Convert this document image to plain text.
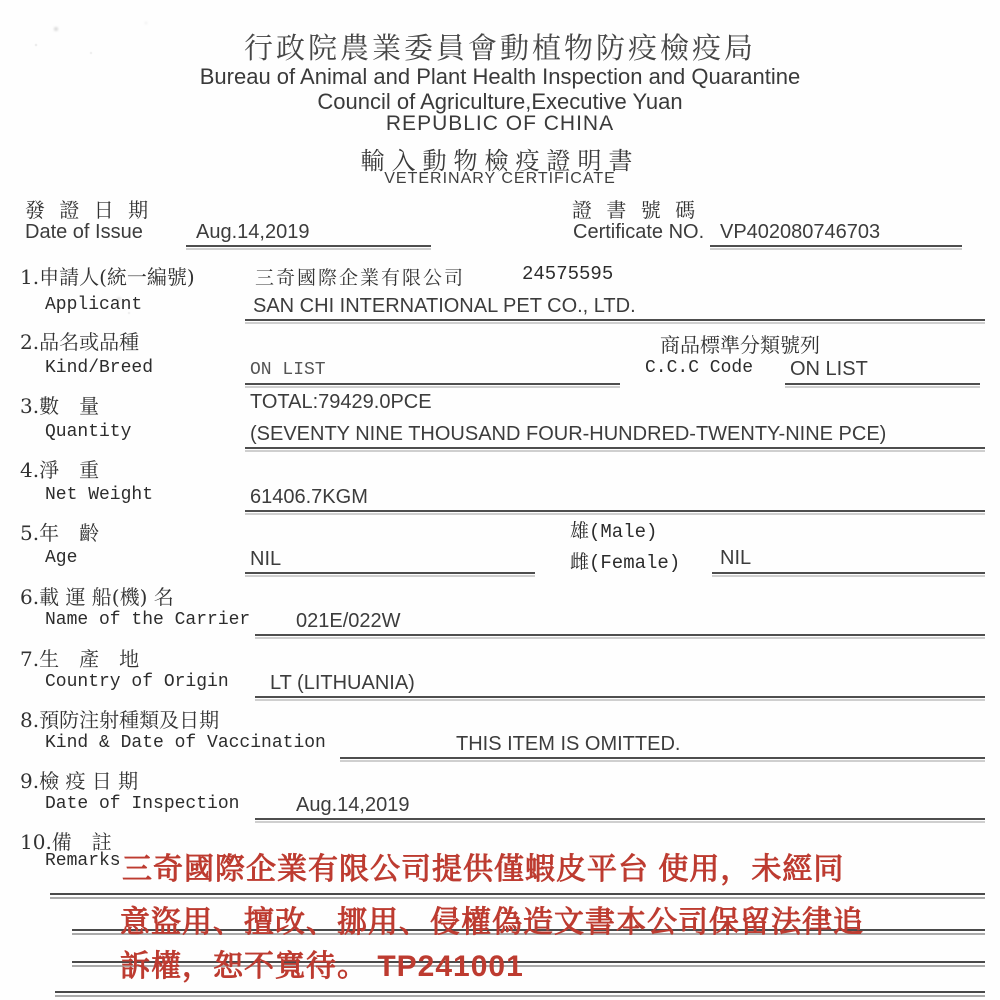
行政院農業委員會動植物防疫檢疫局
Bureau of Animal and Plant Health Inspection and Quarantine
Council of Agriculture,Executive Yuan
REPUBLIC OF CHINA
輸入動物檢疫證明書
VETERINARY CERTIFICATE
發 證 日 期	證 書 號 碼
Date of Issue	Aug.14,2019	Certificate NO. VP402080746703
1.申請人(統一編號)	三奇國際企業有限公司	24575595
Applicant	SAN CHI INTERNATIONAL PET CO., LTD.
2.品名或品種	商品標準分類號列
Kind/Breed	ON LIST	C.C.C Code ON LIST
3.數　量	TOTAL:79429.0PCE
Quantity	(SEVENTY NINE THOUSAND FOUR-HUNDRED-TWENTY-NINE PCE)
4.淨　重
Net Weight	61406.7KGM
5.年　齡	雄(Male)
Age	NIL	雌(Female) NIL
6.載 運 船(機) 名
Name of the Carrier 021E/022W
7.生　產　地
Country of Origin LT (LITHUANIA)
8.預防注射種類及日期
Kind & Date of Vaccination	THIS ITEM IS OMITTED.
9.檢 疫 日 期
Date of Inspection	Aug.14,2019
10.備　註
Remarks 三奇國際企業有限公司提供僅蝦皮平台 使用，未經同
意盜用、擅改、挪用、侵權偽造文書本公司保留法律追
訴權，恕不寬待。 TP241001
